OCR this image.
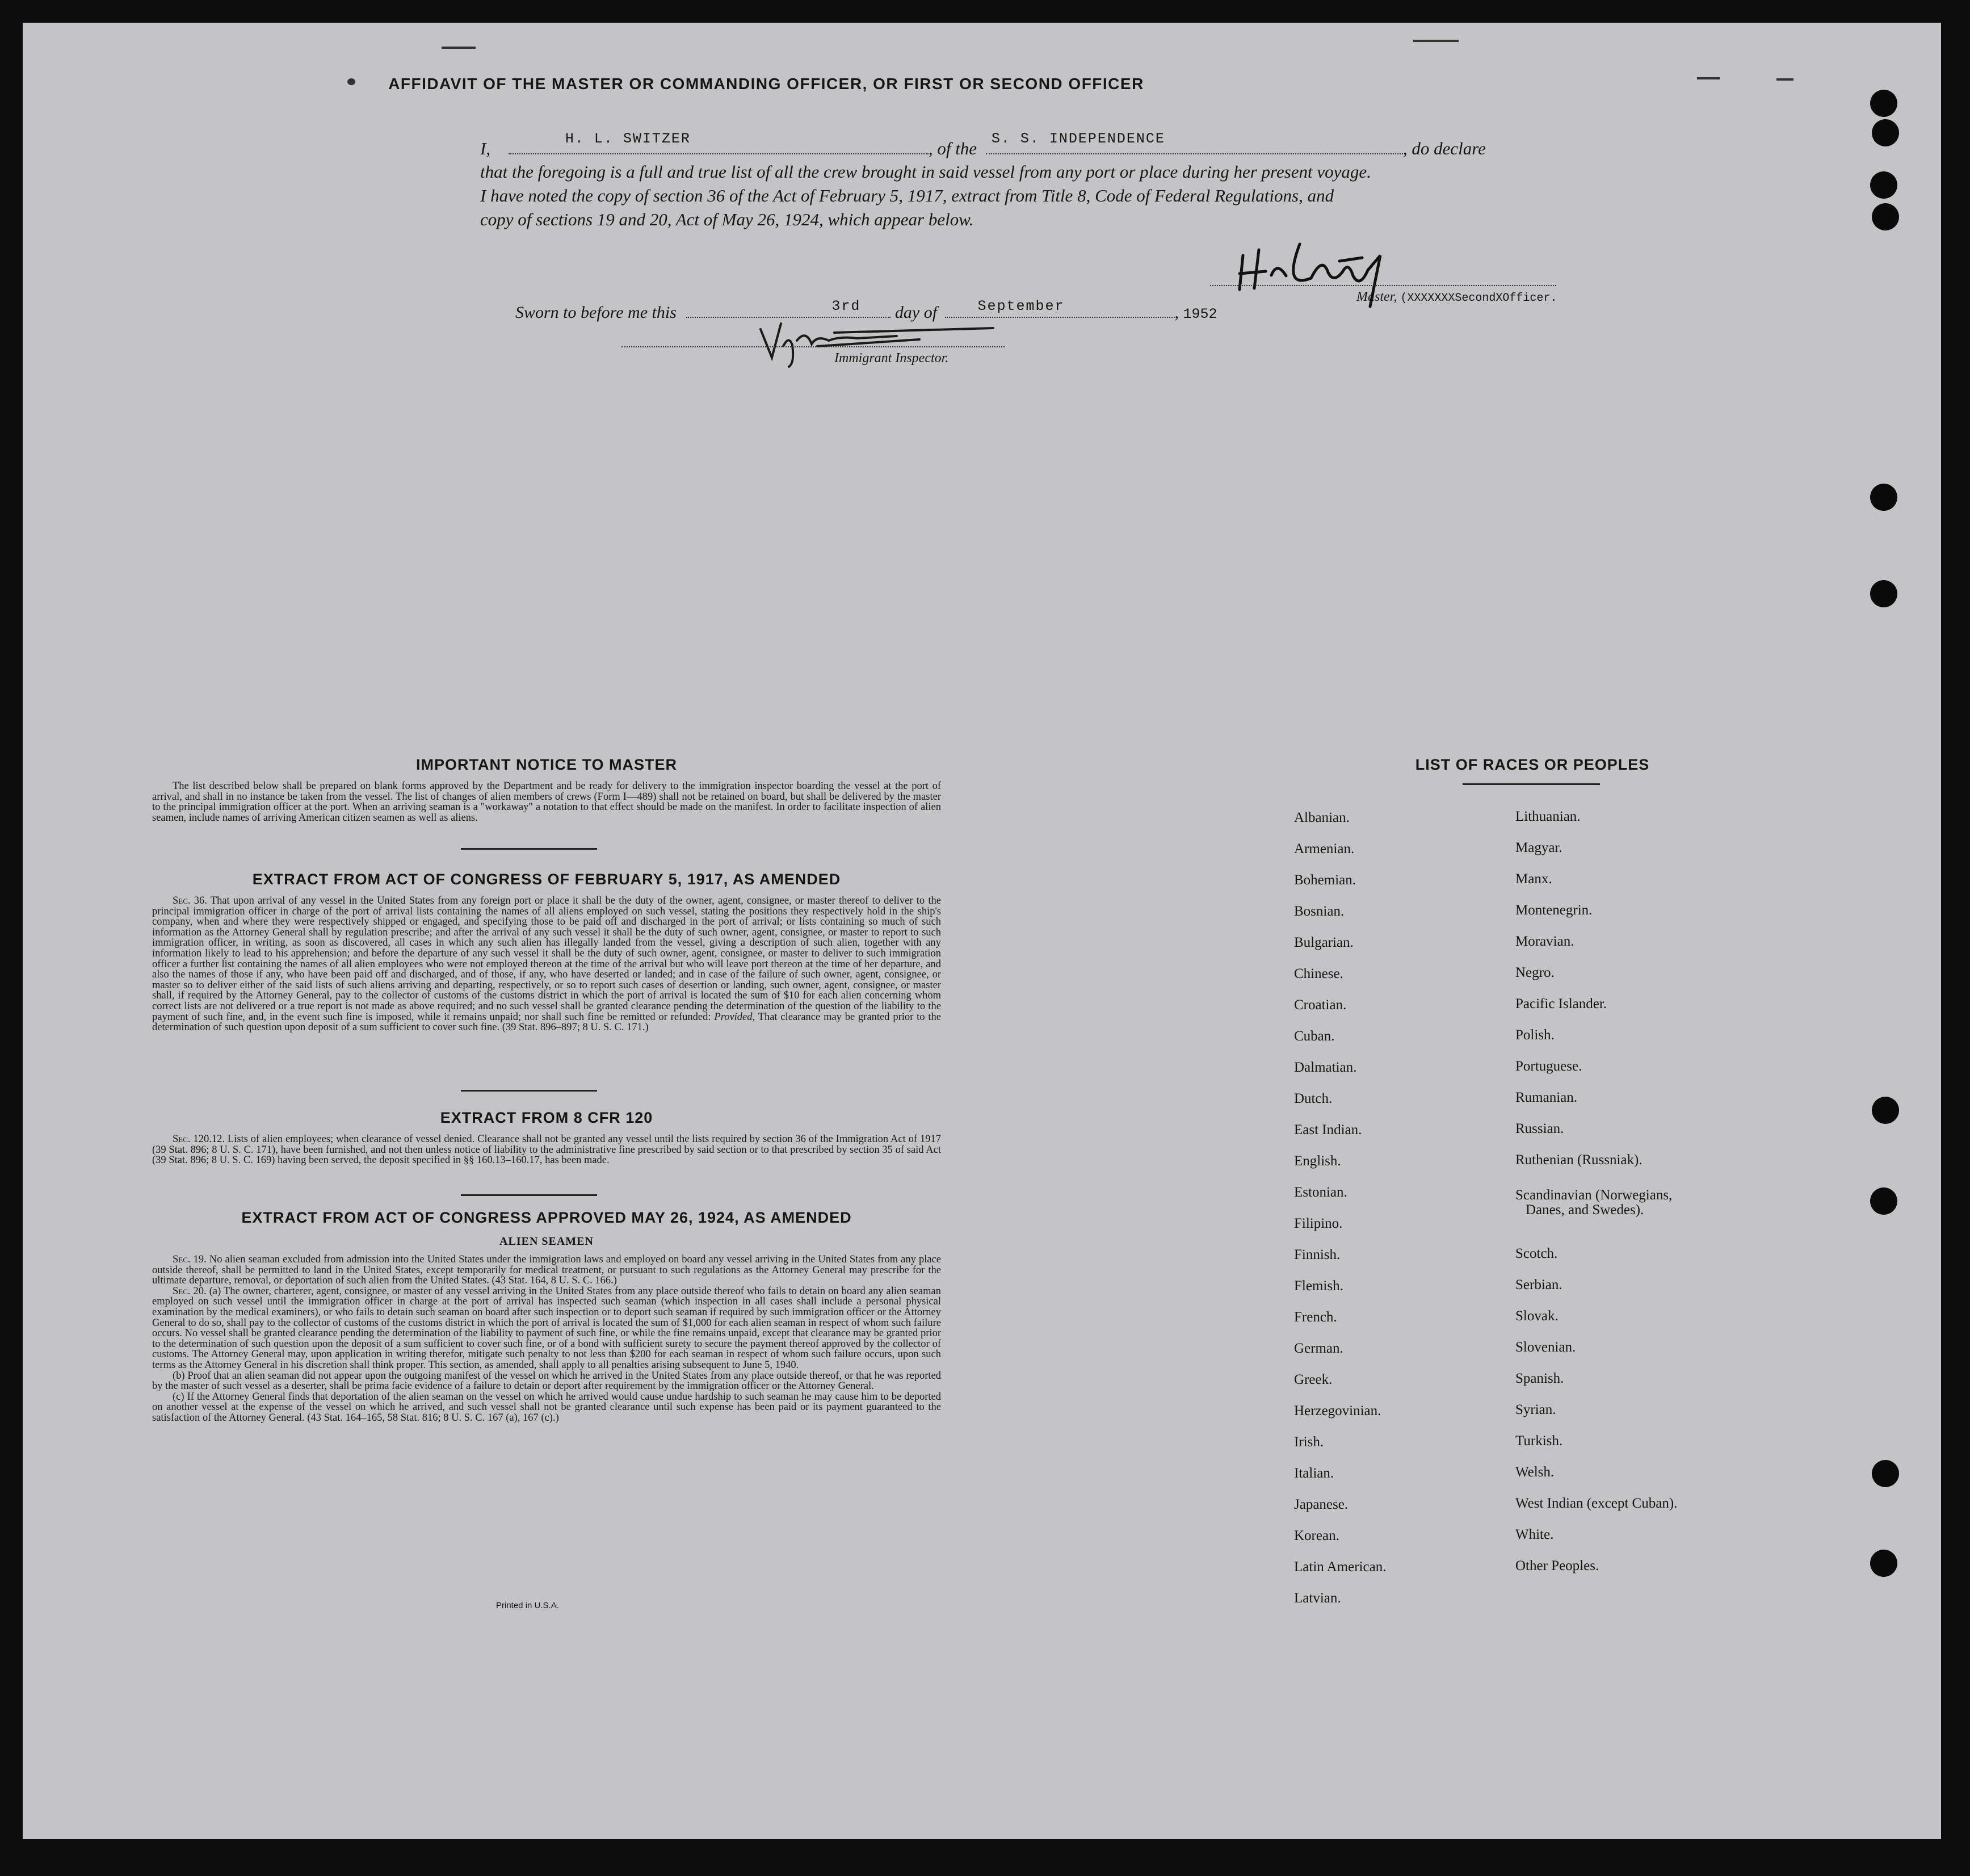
AFFIDAVIT OF THE MASTER OR COMMANDING OFFICER, OR FIRST OR SECOND OFFICER
I,	H. L. SWITZER	, of the	S. S. INDEPENDENCE	, do declare
that the foregoing is a full and true list of all the crew brought in said vessel from any port or place during her present voyage.
I have noted the copy of section 36 of the Act of February 5, 1917, extract from Title 8, Code of Federal Regulations, and
copy of sections 19 and 20, Act of May 26, 1924, which appear below.
Master, (XXXXXXXSecondXOfficer.
Sworn to before me this	3rd	day of	September	, 1952
Immigrant Inspector.
IMPORTANT NOTICE TO MASTER

The list described below shall be prepared on blank forms approved by the Department and be ready for delivery to the immigration inspector boarding the vessel at the port of arrival, and shall in no instance be taken from the vessel. The list of changes of alien members of crews (Form I—489) shall not be retained on board, but shall be delivered by the master to the principal immigration officer at the port. When an arriving seaman is a "workaway" a notation to that effect should be made on the manifest. In order to facilitate inspection of alien seamen, include names of arriving American citizen seamen as well as aliens.

EXTRACT FROM ACT OF CONGRESS OF FEBRUARY 5, 1917, AS AMENDED

Sec. 36. That upon arrival of any vessel in the United States from any foreign port or place it shall be the duty of the owner, agent, consignee, or master thereof to deliver to the principal immigration officer in charge of the port of arrival lists containing the names of all aliens employed on such vessel, stating the positions they respectively hold in the ship's company, when and where they were respectively shipped or engaged, and specifying those to be paid off and discharged in the port of arrival; or lists containing so much of such information as the Attorney General shall by regulation prescribe; and after the arrival of any such vessel it shall be the duty of such owner, agent, consignee, or master to report to such immigration officer, in writing, as soon as discovered, all cases in which any such alien has illegally landed from the vessel, giving a description of such alien, together with any information likely to lead to his apprehension; and before the departure of any such vessel it shall be the duty of such owner, agent, consignee, or master to deliver to such immigration officer a further list containing the names of all alien employees who were not employed thereon at the time of the arrival but who will leave port thereon at the time of her departure, and also the names of those if any, who have been paid off and discharged, and of those, if any, who have deserted or landed; and in case of the failure of such owner, agent, consignee, or master so to deliver either of the said lists of such aliens arriving and departing, respectively, or so to report such cases of desertion or landing, such owner, agent, consignee, or master shall, if required by the Attorney General, pay to the collector of customs of the customs district in which the port of arrival is located the sum of $10 for each alien concerning whom correct lists are not delivered or a true report is not made as above required; and no such vessel shall be granted clearance pending the determination of the question of the liability to the payment of such fine, and, in the event such fine is imposed, while it remains unpaid; nor shall such fine be remitted or refunded: Provided, That clearance may be granted prior to the determination of such question upon deposit of a sum sufficient to cover such fine. (39 Stat. 896–897; 8 U. S. C. 171.)

EXTRACT FROM 8 CFR 120

Sec. 120.12. Lists of alien employees; when clearance of vessel denied. Clearance shall not be granted any vessel until the lists required by section 36 of the Immigration Act of 1917 (39 Stat. 896; 8 U. S. C. 171), have been furnished, and not then unless notice of liability to the administrative fine prescribed by said section or to that prescribed by section 35 of said Act (39 Stat. 896; 8 U. S. C. 169) having been served, the deposit specified in §§ 160.13–160.17, has been made.

EXTRACT FROM ACT OF CONGRESS APPROVED MAY 26, 1924, AS AMENDED
ALIEN SEAMEN

Sec. 19. No alien seaman excluded from admission into the United States under the immigration laws and employed on board any vessel arriving in the United States from any place outside thereof, shall be permitted to land in the United States, except temporarily for medical treatment, or pursuant to such regulations as the Attorney General may prescribe for the ultimate departure, removal, or deportation of such alien from the United States. (43 Stat. 164, 8 U. S. C. 166.)

Sec. 20. (a) The owner, charterer, agent, consignee, or master of any vessel arriving in the United States from any place outside thereof who fails to detain on board any alien seaman employed on such vessel until the immigration officer in charge at the port of arrival has inspected such seaman (which inspection in all cases shall include a personal physical examination by the medical examiners), or who fails to detain such seaman on board after such inspection or to deport such seaman if required by such immigration officer or the Attorney General to do so, shall pay to the collector of customs of the customs district in which the port of arrival is located the sum of $1,000 for each alien seaman in respect of whom such failure occurs. No vessel shall be granted clearance pending the determination of the liability to payment of such fine, or while the fine remains unpaid, except that clearance may be granted prior to the determination of such question upon the deposit of a sum sufficient to cover such fine, or of a bond with sufficient surety to secure the payment thereof approved by the collector of customs. The Attorney General may, upon application in writing therefor, mitigate such penalty to not less than $200 for each seaman in respect of whom such failure occurs, upon such terms as the Attorney General in his discretion shall think proper. This section, as amended, shall apply to all penalties arising subsequent to June 5, 1940.

(b) Proof that an alien seaman did not appear upon the outgoing manifest of the vessel on which he arrived in the United States from any place outside thereof, or that he was reported by the master of such vessel as a deserter, shall be prima facie evidence of a failure to detain or deport after requirement by the immigration officer or the Attorney General.

(c) If the Attorney General finds that deportation of the alien seaman on the vessel on which he arrived would cause undue hardship to such seaman he may cause him to be deported on another vessel at the expense of the vessel on which he arrived, and such vessel shall not be granted clearance until such expense has been paid or its payment guaranteed to the satisfaction of the Attorney General. (43 Stat. 164–165, 58 Stat. 816; 8 U. S. C. 167 (a), 167 (c).)

Printed in U.S.A.
LIST OF RACES OR PEOPLES
Albanian.
Armenian.
Bohemian.
Bosnian.
Bulgarian.
Chinese.
Croatian.
Cuban.
Dalmatian.
Dutch.
East Indian.
English.
Estonian.
Filipino.
Finnish.
Flemish.
French.
German.
Greek.
Herzegovinian.
Irish.
Italian.
Japanese.
Korean.
Latin American.
Latvian.
Lithuanian.
Magyar.
Manx.
Montenegrin.
Moravian.
Negro.
Pacific Islander.
Polish.
Portuguese.
Rumanian.
Russian.
Ruthenian (Russniak).
Scandinavian (Norwegians,
Danes, and Swedes).
Scotch.
Serbian.
Slovak.
Slovenian.
Spanish.
Syrian.
Turkish.
Welsh.
West Indian (except Cuban).
White.
Other Peoples.
